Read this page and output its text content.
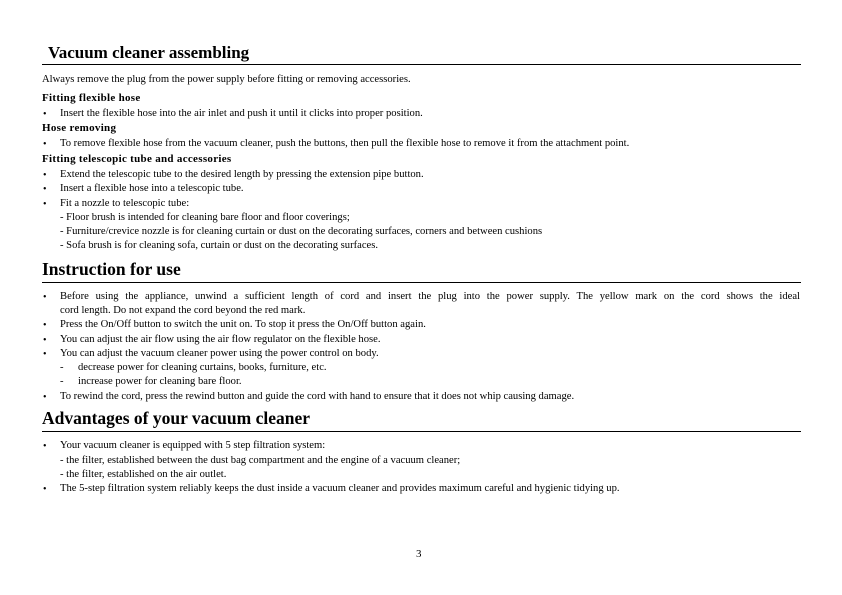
Vacuum cleaner assembling
Always remove the plug from the power supply before fitting or removing accessories.
Fitting flexible hose
• Insert the flexible hose into the air inlet and push it until it clicks into proper position.
Hose removing
• To remove flexible hose from the vacuum cleaner, push the buttons, then pull the flexible hose to remove it from the attachment point.
Fitting telescopic tube and accessories
• Extend the telescopic tube to the desired length by pressing the extension pipe button.
• Insert a flexible hose into a telescopic tube.
• Fit a nozzle to telescopic tube:
- Floor brush is intended for cleaning bare floor and floor coverings;
- Furniture/crevice nozzle is for cleaning curtain or dust on the decorating surfaces, corners and between cushions
- Sofa brush is for cleaning sofa, curtain or dust on the decorating surfaces.
Instruction for use
• Before using the appliance, unwind a sufficient length of cord and insert the plug into the power supply. The yellow mark on the cord shows the ideal
cord length. Do not expand the cord beyond the red mark.
• Press the On/Off button to switch the unit on. To stop it press the On/Off button again.
• You can adjust the air flow using the air flow regulator on the flexible hose.
• You can adjust the vacuum cleaner power using the power control on body.
- decrease power for cleaning curtains, books, furniture, etc.
- increase power for cleaning bare floor.
• To rewind the cord, press the rewind button and guide the cord with hand to ensure that it does not whip causing damage.
Advantages of your vacuum cleaner
• Your vacuum cleaner is equipped with 5 step filtration system:
- the filter, established between the dust bag compartment and the engine of a vacuum cleaner;
- the filter, established on the air outlet.
• The 5-step filtration system reliably keeps the dust inside a vacuum cleaner and provides maximum careful and hygienic tidying up.
3
